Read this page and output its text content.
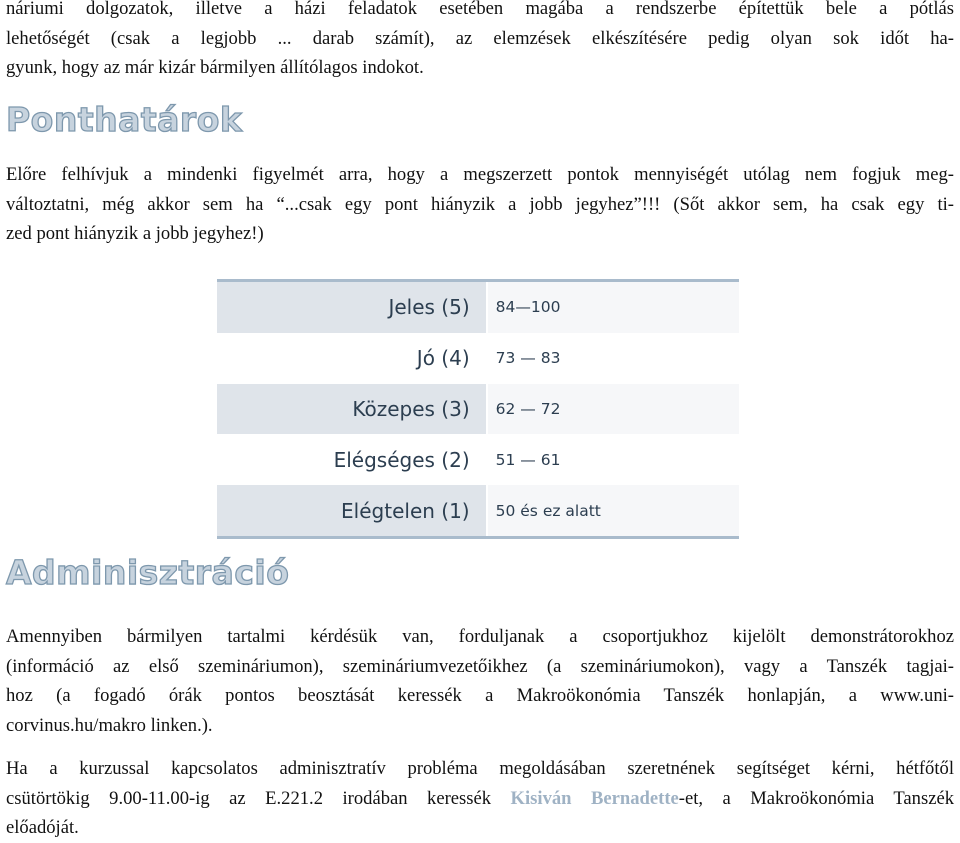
náriumi dolgozatok, illetve a házi feladatok esetében magába a rendszerbe építettük bele a pótlás
lehetőségét (csak a legjobb ... darab számít), az elemzések elkészítésére pedig olyan sok időt ha-
gyunk, hogy az már kizár bármilyen állítólagos indokot.

Ponthatárok

Előre felhívjuk a mindenki figyelmét arra, hogy a megszerzett pontok mennyiségét utólag nem fogjuk meg-
változtatni, még akkor sem ha “...csak egy pont hiányzik a jobb jegyhez”!!! (Sőt akkor sem, ha csak egy ti-
zed pont hiányzik a jobb jegyhez!)

Jeles (5)	84—100
Jó (4)	73 — 83
Közepes (3)	62 — 72
Elégséges (2)	51 — 61
Elégtelen (1)	50 és ez alatt
Adminisztráció

Amennyiben bármilyen tartalmi kérdésük van, forduljanak a csoportjukhoz kijelölt demonstrátorokhoz
(információ az első szemináriumon), szemináriumvezetőikhez (a szemináriumokon), vagy a Tanszék tagjai-
hoz (a fogadó órák pontos beosztását keressék a Makroökonómia Tanszék honlapján, a www.uni-
corvinus.hu/makro linken.).

Ha a kurzussal kapcsolatos adminisztratív probléma megoldásában szeretnének segítséget kérni, hétfőtől
csütörtökig 9.00-11.00-ig az E.221.2 irodában keressék Kisiván Bernadette-et, a Makroökonómia Tanszék
előadóját.
